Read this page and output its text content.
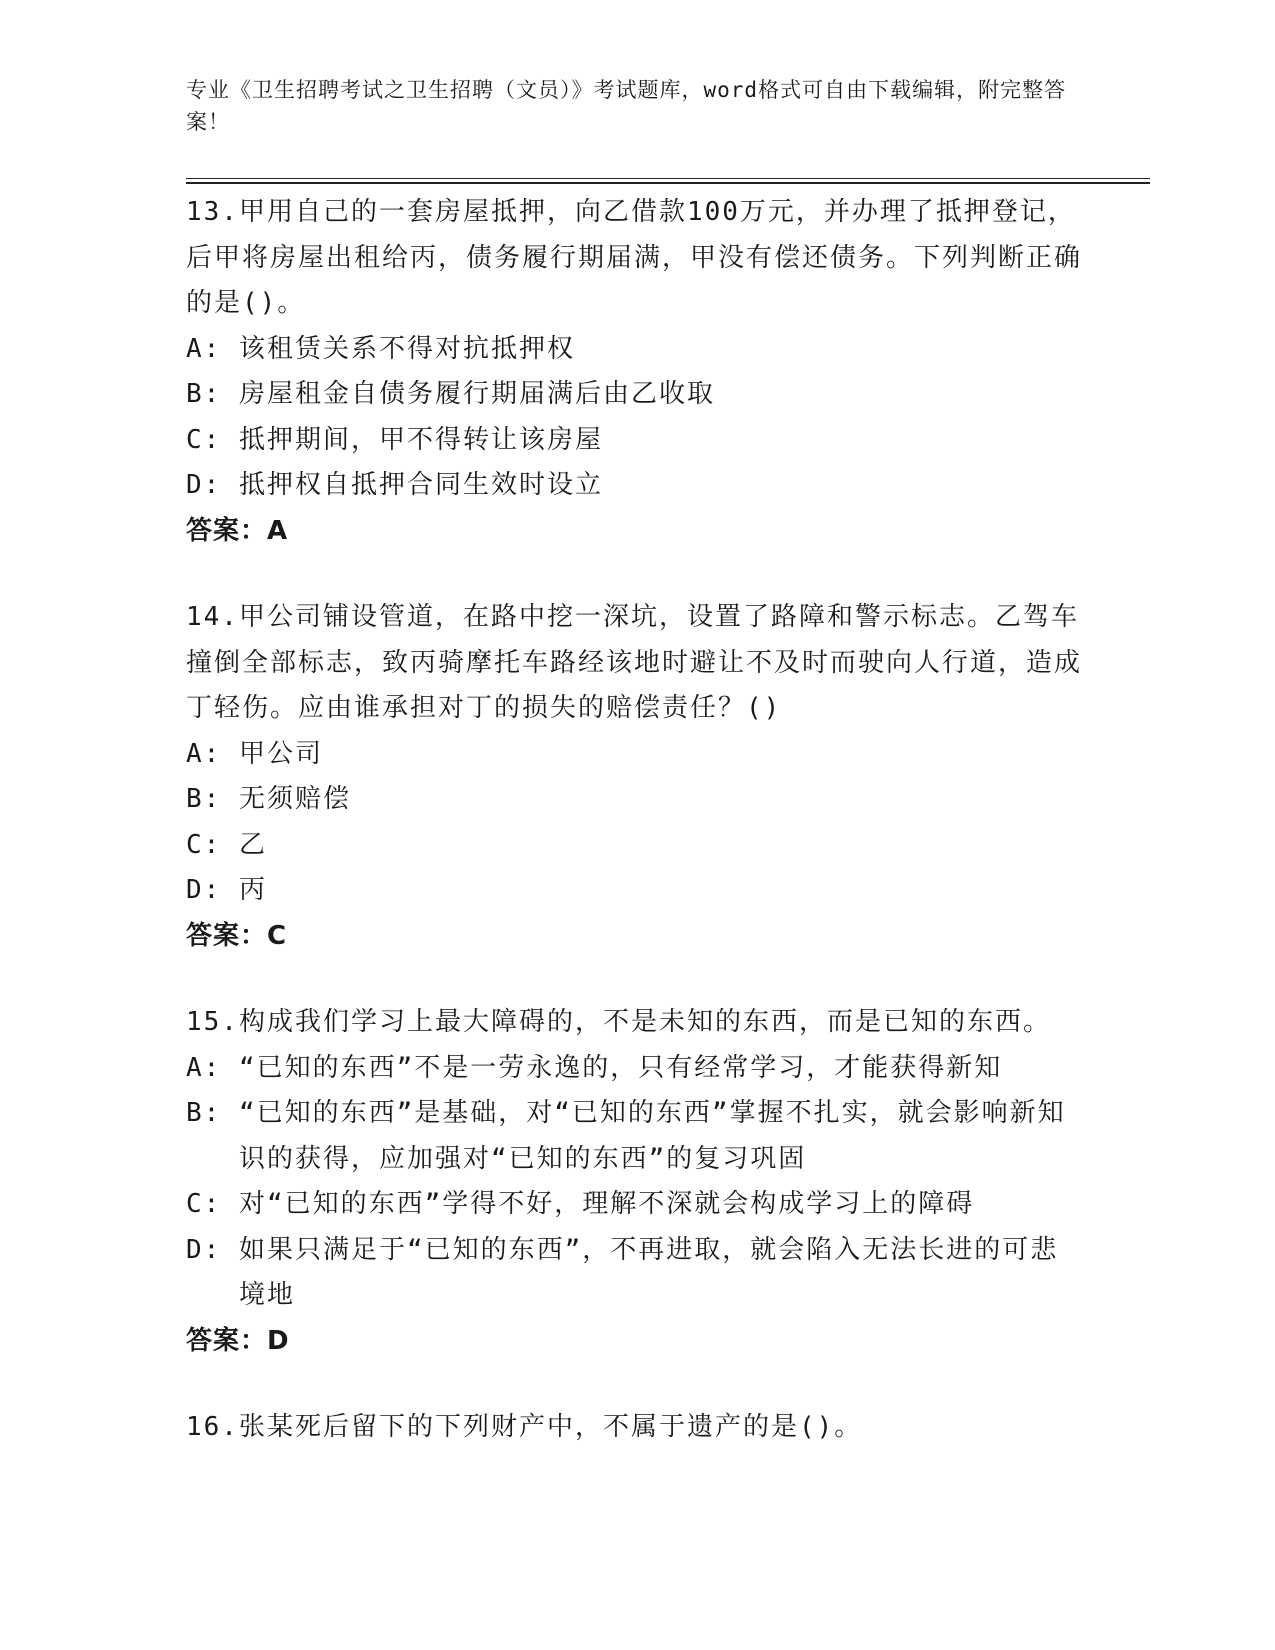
专业《卫生招聘考试之卫生招聘（文员）》考试题库，word格式可自由下载编辑，附完整答案！

13.甲用自己的一套房屋抵押，向乙借款100万元，并办理了抵押登记，后甲将房屋出租给丙，债务履行期届满，甲没有偿还债务。下列判断正确的是()。

A: 该租赁关系不得对抗抵押权
B: 房屋租金自债务履行期届满后由乙收取
C: 抵押期间，甲不得转让该房屋
D: 抵押权自抵押合同生效时设立

答案：A

14.甲公司铺设管道，在路中挖一深坑，设置了路障和警示标志。乙驾车撞倒全部标志，致丙骑摩托车路经该地时避让不及时而驶向人行道，造成丁轻伤。应由谁承担对丁的损失的赔偿责任？()

A: 甲公司
B: 无须赔偿
C: 乙
D: 丙

答案：C

15.构成我们学习上最大障碍的，不是未知的东西，而是已知的东西。

A: “已知的东西”不是一劳永逸的，只有经常学习，才能获得新知
B: “已知的东西”是基础，对“已知的东西”掌握不扎实，就会影响新知识的获得，应加强对“已知的东西”的复习巩固
C: 对“已知的东西”学得不好，理解不深就会构成学习上的障碍
D: 如果只满足于“已知的东西”，不再进取，就会陷入无法长进的可悲境地

答案：D

16.张某死后留下的下列财产中，不属于遗产的是()。
